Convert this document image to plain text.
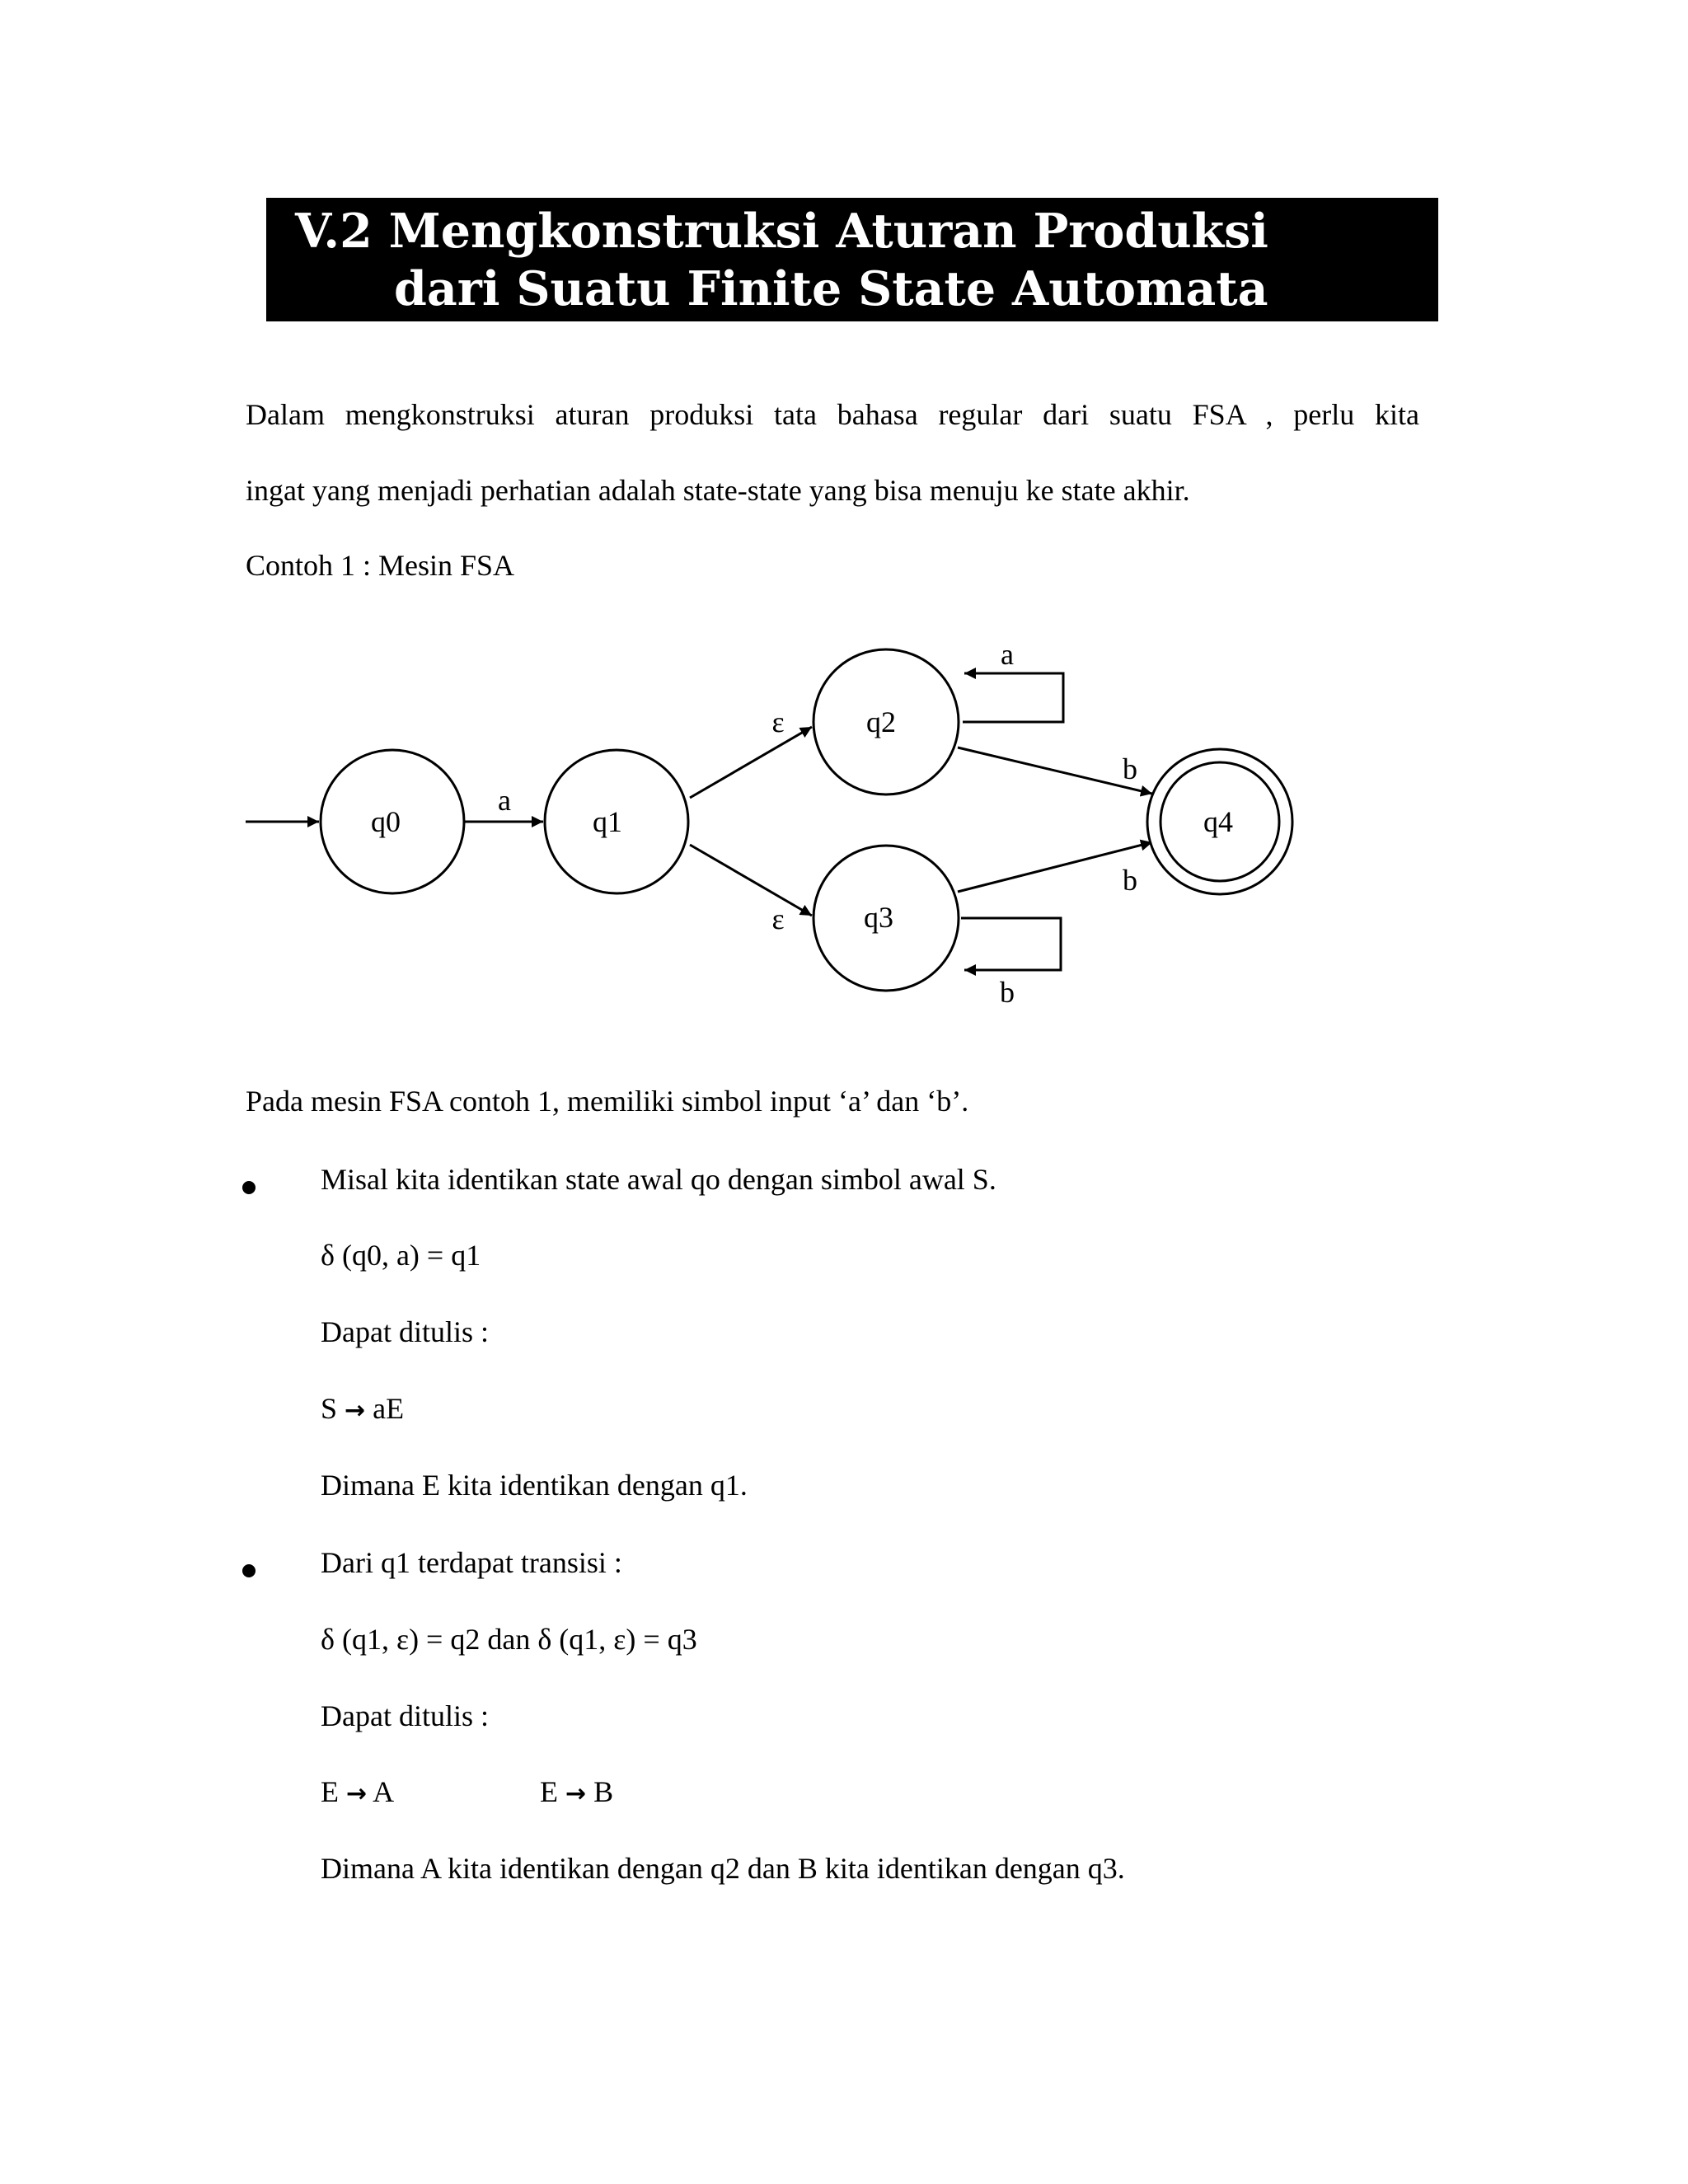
V.2 Mengkonstruksi Aturan Produksi
dari Suatu Finite State Automata
Dalam mengkonstruksi aturan produksi tata bahasa regular dari suatu FSA , perlu kita
ingat yang menjadi perhatian adalah state-state yang bisa menuju ke state akhir.
Contoh 1 : Mesin FSA
q0	q1
q2
q3
q4
a
ε
ε
a
b
b
b
Pada mesin FSA contoh 1, memiliki simbol input ‘a’ dan ‘b’.
Misal kita identikan state awal qo dengan simbol awal S.
δ (q0, a) = q1
Dapat ditulis :
S → aE
Dimana E kita identikan dengan q1.
Dari q1 terdapat transisi :
δ (q1, ε) = q2 dan δ (q1, ε) = q3
Dapat ditulis :
E → A	E → B
Dimana A kita identikan dengan q2 dan B kita identikan dengan q3.
